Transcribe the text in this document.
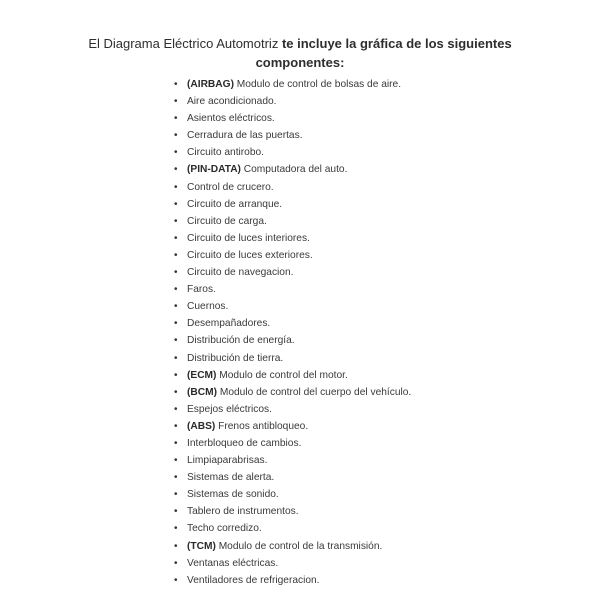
El Diagrama Eléctrico Automotriz te incluye la gráfica de los siguientes componentes:
• (AIRBAG) Modulo de control de bolsas de aire.
• Aire acondicionado.
• Asientos eléctricos.
• Cerradura de las puertas.
• Circuito antirobo.
• (PIN-DATA) Computadora del auto.
• Control de crucero.
• Circuito de arranque.
• Circuito de carga.
• Circuito de luces interiores.
• Circuito de luces exteriores.
• Circuito de navegacion.
• Faros.
• Cuernos.
• Desempañadores.
• Distribución de energía.
• Distribución de tierra.
• (ECM) Modulo de control del motor.
• (BCM) Modulo de control del cuerpo del vehículo.
• Espejos eléctricos.
• (ABS) Frenos antibloqueo.
• Interbloqueo de cambios.
• Limpiaparabrisas.
• Sistemas de alerta.
• Sistemas de sonido.
• Tablero de instrumentos.
• Techo corredizo.
• (TCM) Modulo de control de la transmisión.
• Ventanas eléctricas.
• Ventiladores de refrigeracion.
